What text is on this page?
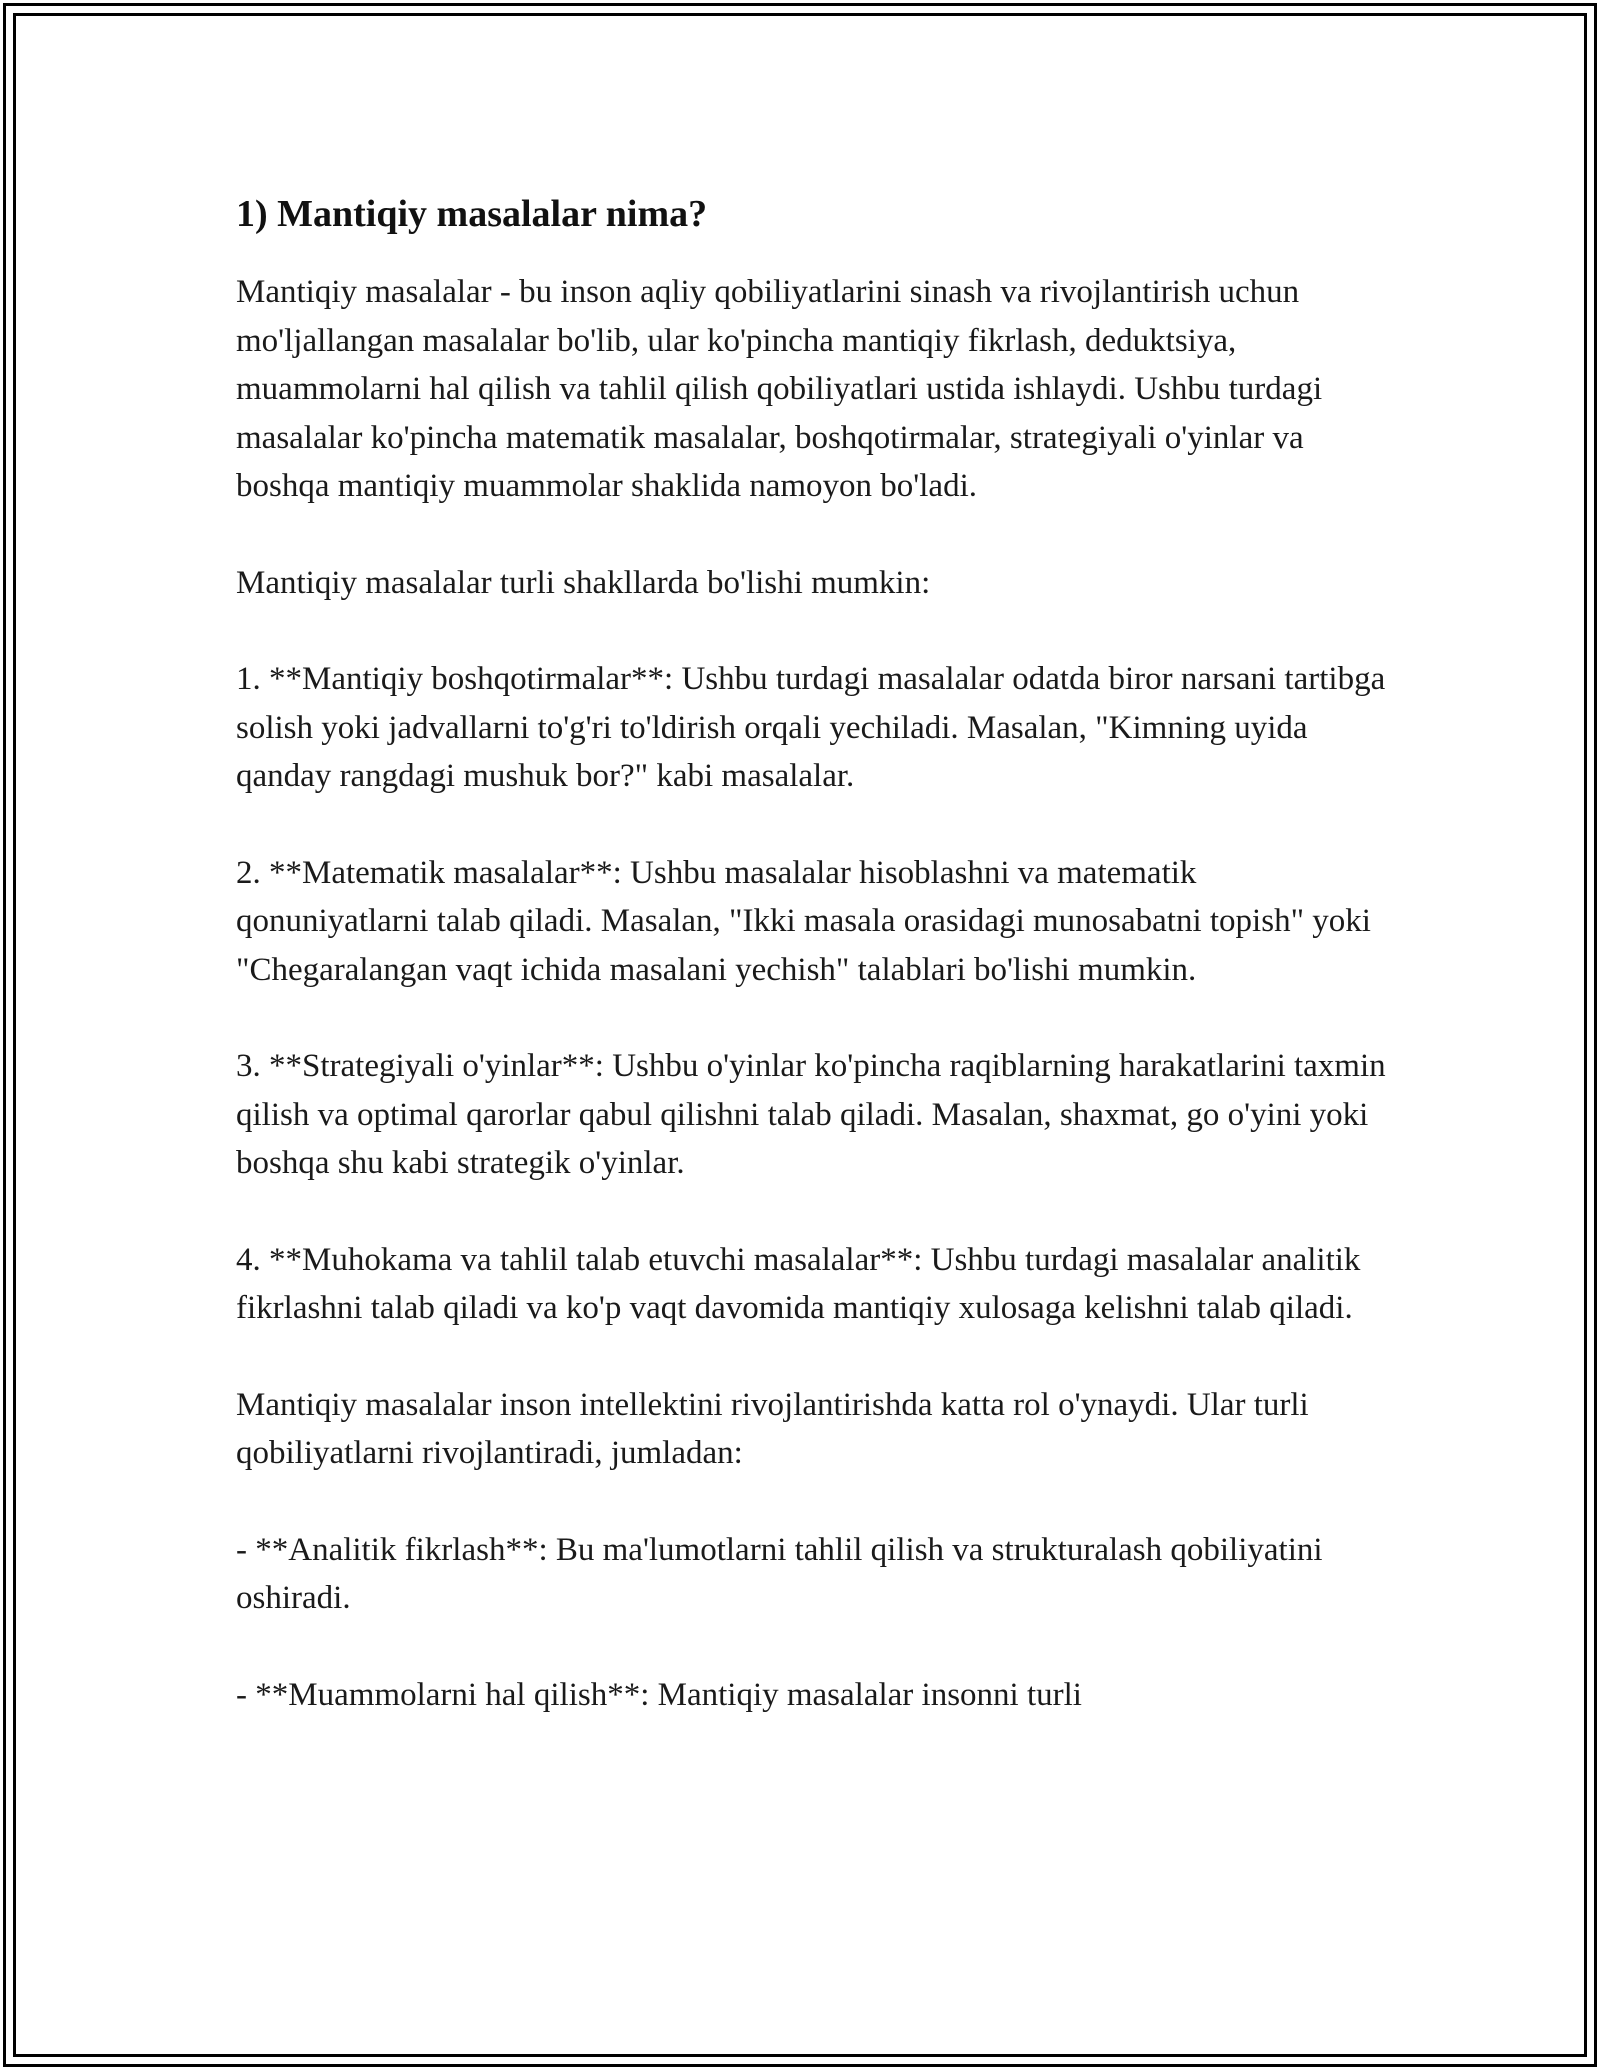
1) Mantiqiy masalalar nima?

Mantiqiy masalalar - bu inson aqliy qobiliyatlarini sinash va rivojlantirish uchun mo'ljallangan masalalar bo'lib, ular ko'pincha mantiqiy fikrlash, deduktsiya, muammolarni hal qilish va tahlil qilish qobiliyatlari ustida ishlaydi. Ushbu turdagi masalalar ko'pincha matematik masalalar, boshqotirmalar, strategiyali o'yinlar va boshqa mantiqiy muammolar shaklida namoyon bo'ladi.

Mantiqiy masalalar turli shakllarda bo'lishi mumkin:

1. **Mantiqiy boshqotirmalar**: Ushbu turdagi masalalar odatda biror narsani tartibga solish yoki jadvallarni to'g'ri to'ldirish orqali yechiladi. Masalan, "Kimning uyida qanday rangdagi mushuk bor?" kabi masalalar.

2. **Matematik masalalar**: Ushbu masalalar hisoblashni va matematik qonuniyatlarni talab qiladi. Masalan, "Ikki masala orasidagi munosabatni topish" yoki "Chegaralangan vaqt ichida masalani yechish" talablari bo'lishi mumkin.

3. **Strategiyali o'yinlar**: Ushbu o'yinlar ko'pincha raqiblarning harakatlarini taxmin qilish va optimal qarorlar qabul qilishni talab qiladi. Masalan, shaxmat, go o'yini yoki boshqa shu kabi strategik o'yinlar.

4. **Muhokama va tahlil talab etuvchi masalalar**: Ushbu turdagi masalalar analitik fikrlashni talab qiladi va ko'p vaqt davomida mantiqiy xulosaga kelishni talab qiladi.

Mantiqiy masalalar inson intellektini rivojlantirishda katta rol o'ynaydi. Ular turli qobiliyatlarni rivojlantiradi, jumladan:

- **Analitik fikrlash**: Bu ma'lumotlarni tahlil qilish va strukturalash qobiliyatini oshiradi.

- **Muammolarni hal qilish**: Mantiqiy masalalar insonni turli
